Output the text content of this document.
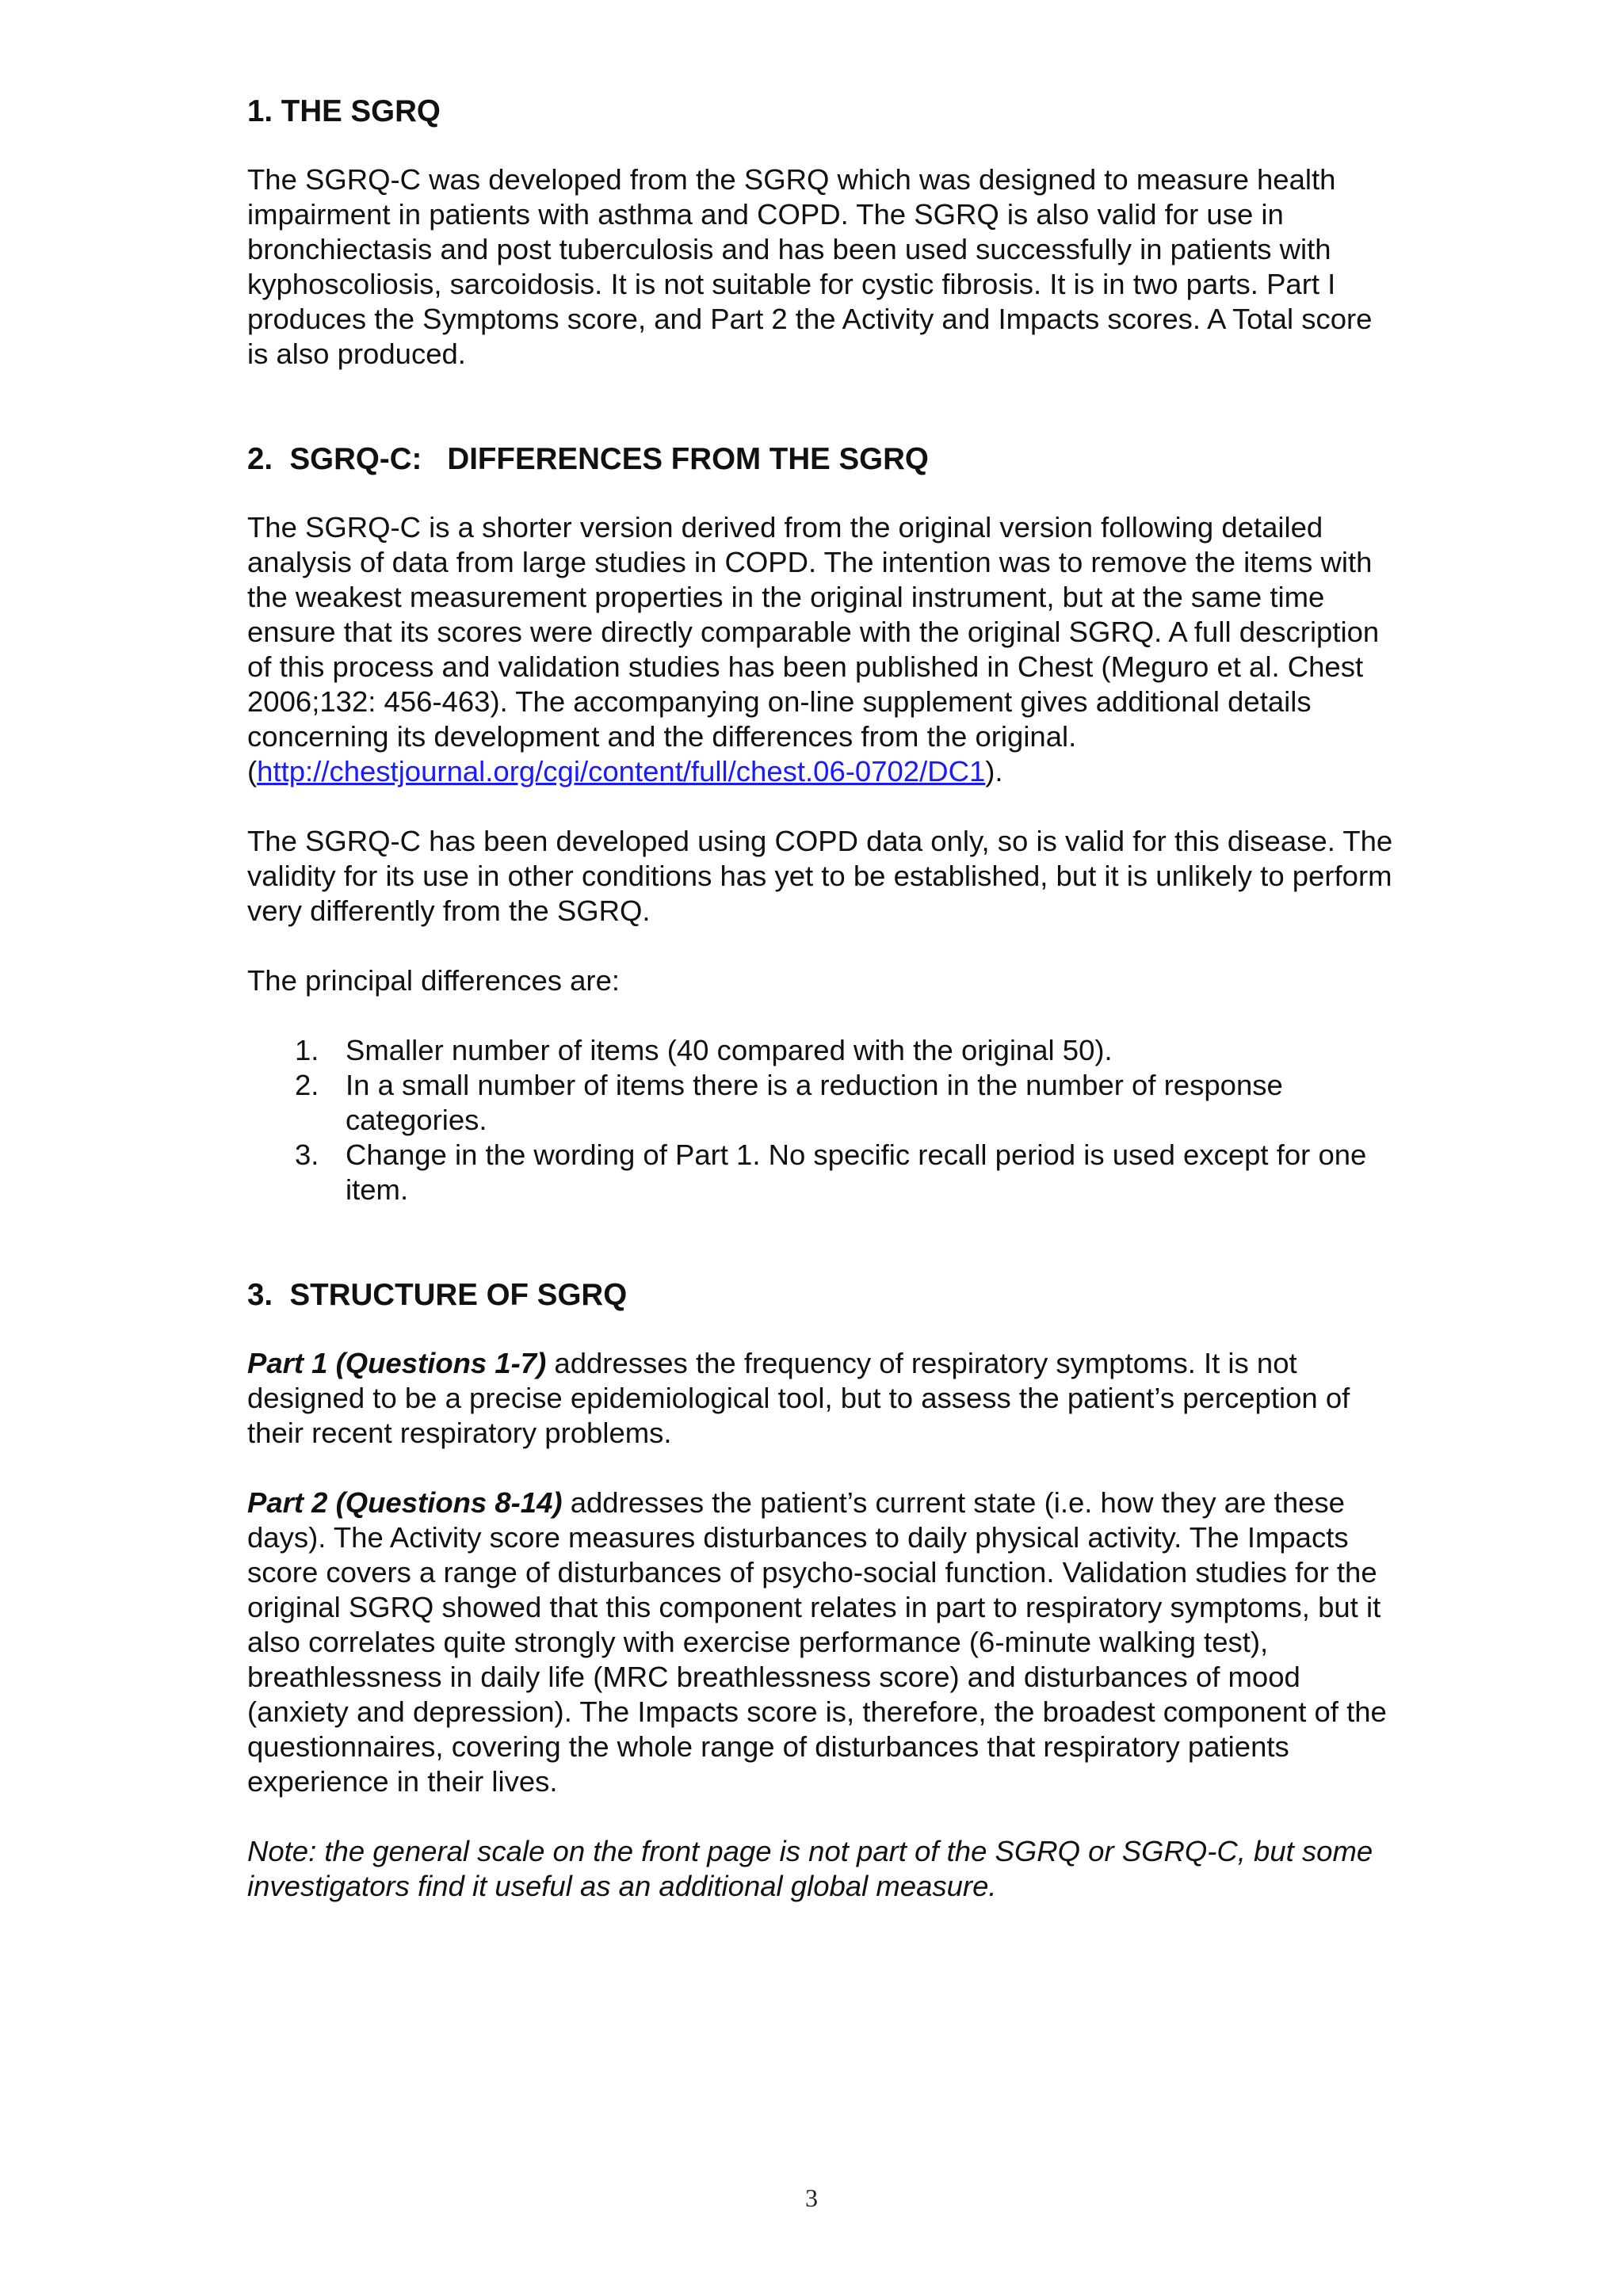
1. THE SGRQ

The SGRQ-C was developed from the SGRQ which was designed to measure health impairment in patients with asthma and COPD. The SGRQ is also valid for use in bronchiectasis and post tuberculosis and has been used successfully in patients with kyphoscoliosis, sarcoidosis. It is not suitable for cystic fibrosis. It is in two parts. Part I produces the Symptoms score, and Part 2 the Activity and Impacts scores. A Total score is also produced.

2.  SGRQ-C:   DIFFERENCES FROM THE SGRQ

The SGRQ-C is a shorter version derived from the original version following detailed analysis of data from large studies in COPD. The intention was to remove the items with the weakest measurement properties in the original instrument, but at the same time ensure that its scores were directly comparable with the original SGRQ. A full description of this process and validation studies has been published in Chest (Meguro et al. Chest 2006;132: 456-463). The accompanying on-line supplement gives additional details concerning its development and the differences from the original. (http://chestjournal.org/cgi/content/full/chest.06-0702/DC1).

The SGRQ-C has been developed using COPD data only, so is valid for this disease. The validity for its use in other conditions has yet to be established, but it is unlikely to perform very differently from the SGRQ.

The principal differences are:

1. Smaller number of items (40 compared with the original 50).
2. In a small number of items there is a reduction in the number of response categories.
3. Change in the wording of Part 1. No specific recall period is used except for one item.
3.  STRUCTURE OF SGRQ

Part 1 (Questions 1-7) addresses the frequency of respiratory symptoms. It is not designed to be a precise epidemiological tool, but to assess the patient’s perception of their recent respiratory problems.

Part 2 (Questions 8-14) addresses the patient’s current state (i.e. how they are these days). The Activity score measures disturbances to daily physical activity. The Impacts score covers a range of disturbances of psycho-social function. Validation studies for the original SGRQ showed that this component relates in part to respiratory symptoms, but it also correlates quite strongly with exercise performance (6-minute walking test), breathlessness in daily life (MRC breathlessness score) and disturbances of mood (anxiety and depression). The Impacts score is, therefore, the broadest component of the questionnaires, covering the whole range of disturbances that respiratory patients experience in their lives.

Note: the general scale on the front page is not part of the SGRQ or SGRQ-C, but some investigators find it useful as an additional global measure.

3
